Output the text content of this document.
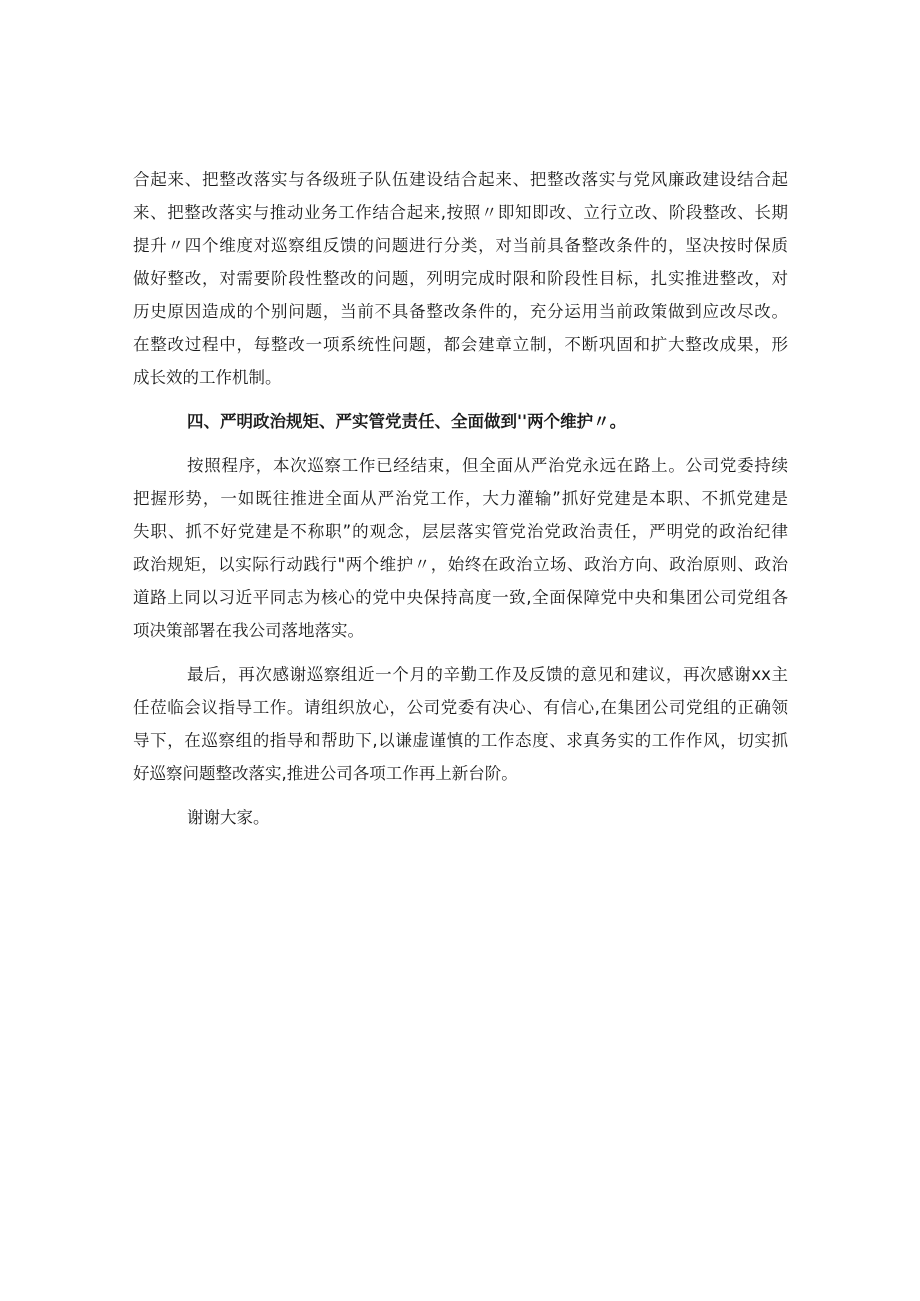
合起来、把整改落实与各级班子队伍建设结合起来、把整改落实与党风廉政建设结合起
来、把整改落实与推动业务工作结合起来,按照〃即知即改、立行立改、阶段整改、长期
提升〃四个维度对巡察组反馈的问题进行分类，对当前具备整改条件的，坚决按时保质
做好整改，对需要阶段性整改的问题，列明完成时限和阶段性目标，扎实推进整改，对
历史原因造成的个别问题，当前不具备整改条件的，充分运用当前政策做到应改尽改。
在整改过程中，每整改一项系统性问题，都会建章立制，不断巩固和扩大整改成果，形
成长效的工作机制。
四、严明政治规矩、严实管党责任、全面做到''两个维护〃。
按照程序，本次巡察工作已经结束，但全面从严治党永远在路上。公司党委持续
把握形势，一如既往推进全面从严治党工作，大力灌输”抓好党建是本职、不抓党建是
失职、抓不好党建是不称职”的观念，层层落实管党治党政治责任，严明党的政治纪律
政治规矩，以实际行动践行"两个维护〃，始终在政治立场、政治方向、政治原则、政治
道路上同以习近平同志为核心的党中央保持高度一致,全面保障党中央和集团公司党组各
项决策部署在我公司落地落实。
最后，再次感谢巡察组近一个月的辛勤工作及反馈的意见和建议，再次感谢xx主
任莅临会议指导工作。请组织放心，公司党委有决心、有信心,在集团公司党组的正确领
导下，在巡察组的指导和帮助下,以谦虚谨慎的工作态度、求真务实的工作作风，切实抓
好巡察问题整改落实,推进公司各项工作再上新台阶。
谢谢大家。
